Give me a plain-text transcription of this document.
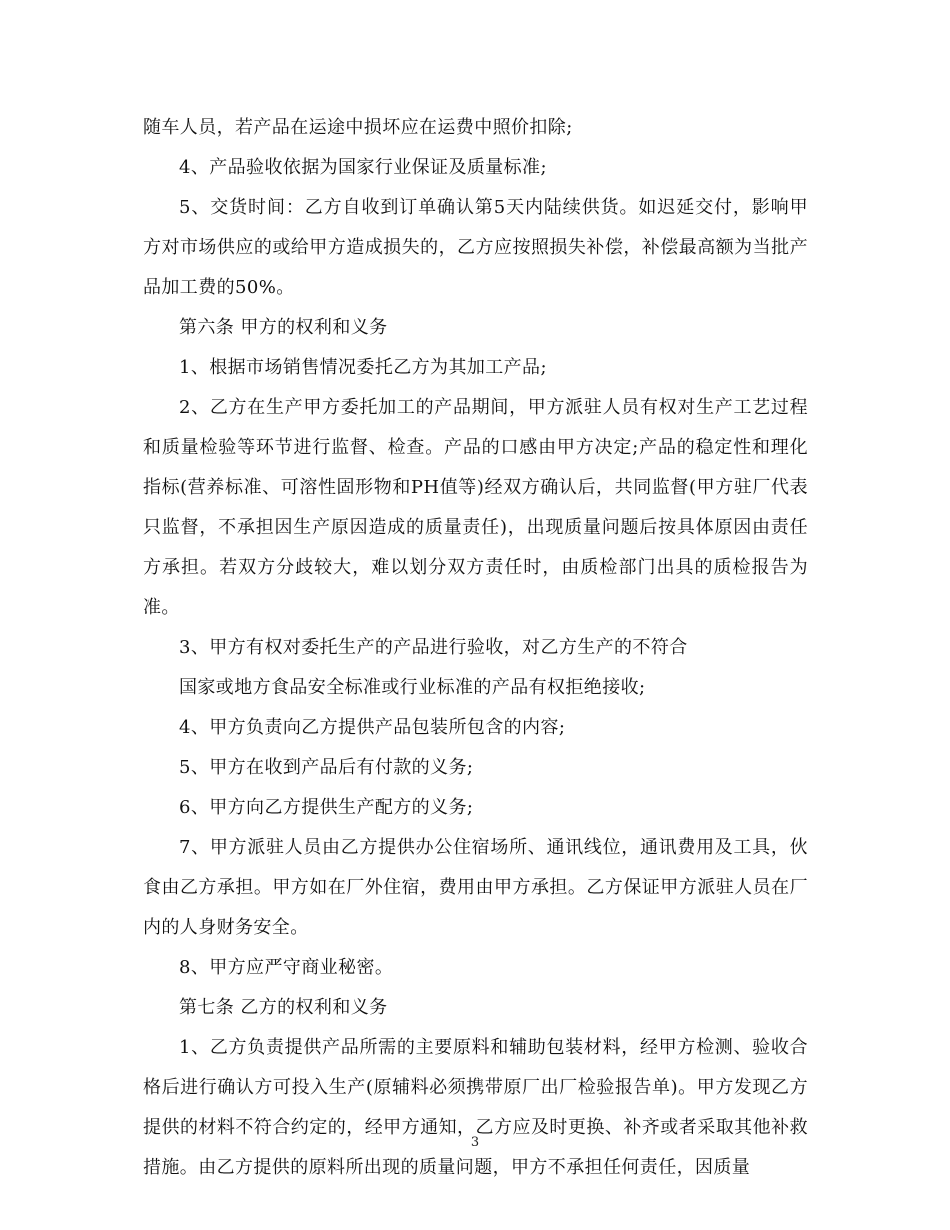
随车人员，若产品在运途中损坏应在运费中照价扣除;

4、产品验收依据为国家行业保证及质量标准;

5、交货时间：乙方自收到订单确认第5天内陆续供货。如迟延交付，影响甲方对市场供应的或给甲方造成损失的，乙方应按照损失补偿，补偿最高额为当批产品加工费的50%。

第六条 甲方的权利和义务

1、根据市场销售情况委托乙方为其加工产品;

2、乙方在生产甲方委托加工的产品期间，甲方派驻人员有权对生产工艺过程和质量检验等环节进行监督、检查。产品的口感由甲方决定;产品的稳定性和理化指标(营养标准、可溶性固形物和PH值等)经双方确认后，共同监督(甲方驻厂代表只监督，不承担因生产原因造成的质量责任)，出现质量问题后按具体原因由责任方承担。若双方分歧较大，难以划分双方责任时，由质检部门出具的质检报告为准。

3、甲方有权对委托生产的产品进行验收，对乙方生产的不符合

国家或地方食品安全标准或行业标准的产品有权拒绝接收;

4、甲方负责向乙方提供产品包装所包含的内容;

5、甲方在收到产品后有付款的义务;

6、甲方向乙方提供生产配方的义务;

7、甲方派驻人员由乙方提供办公住宿场所、通讯线位，通讯费用及工具，伙食由乙方承担。甲方如在厂外住宿，费用由甲方承担。乙方保证甲方派驻人员在厂内的人身财务安全。

8、甲方应严守商业秘密。

第七条 乙方的权利和义务

1、乙方负责提供产品所需的主要原料和辅助包装材料，经甲方检测、验收合格后进行确认方可投入生产(原辅料必须携带原厂出厂检验报告单)。甲方发现乙方提供的材料不符合约定的，经甲方通知，乙方应及时更换、补齐或者采取其他补救措施。由乙方提供的原料所出现的质量问题，甲方不承担任何责任，因质量

3
